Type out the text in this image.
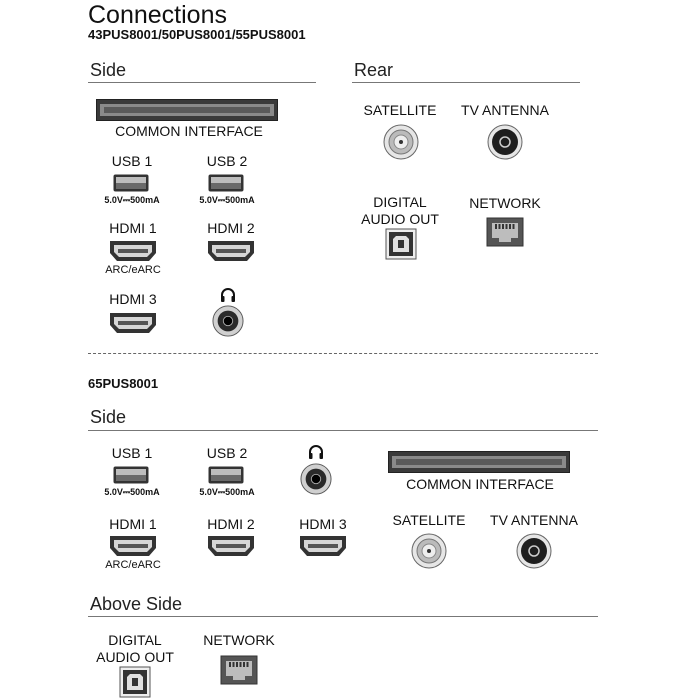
Connections
43PUS8001/50PUS8001/55PUS8001
Side
COMMON INTERFACE
USB 1
5.0V⎓500mA
USB 2
5.0V⎓500mA
HDMI 1
ARC/eARC
HDMI 2
HDMI 3
Rear
SATELLITE TV ANTENNA
DIGITAL
AUDIO OUT
NETWORK
65PUS8001
Side
USB 1
5.0V⎓500mA
USB 2
5.0V⎓500mA	COMMON INTERFACE
HDMI 1
ARC/eARC
HDMI 2	HDMI 3	SATELLITE TV ANTENNA
Above Side
DIGITAL
AUDIO OUT
NETWORK
